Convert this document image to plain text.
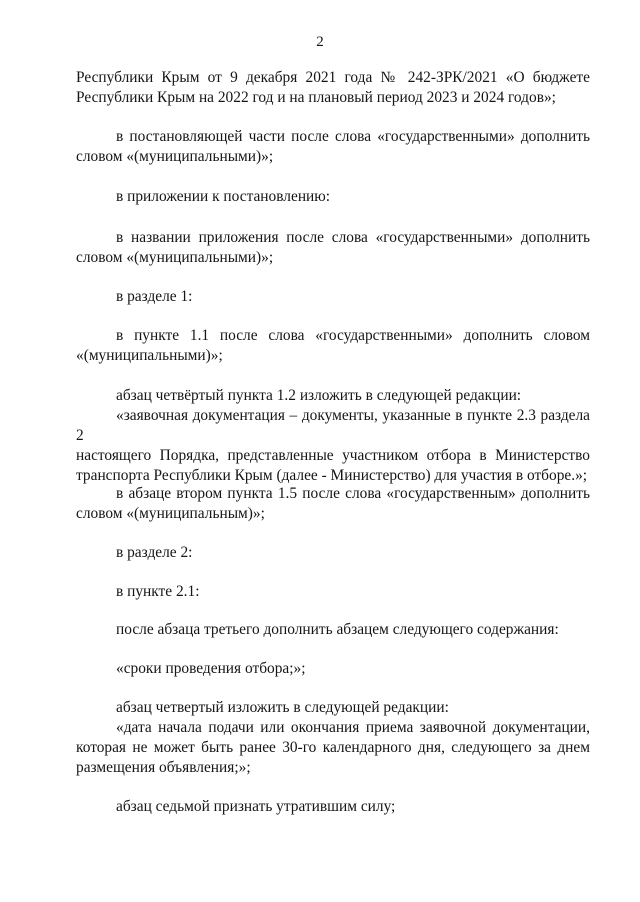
2
Республики Крым от 9 декабря 2021 года № 242-ЗРК/2021 «О бюджете
Республики Крым на 2022 год и на плановый период 2023 и 2024 годов»;
в постановляющей части после слова «государственными» дополнить
словом «(муниципальными)»;
в приложении к постановлению:
в названии приложения после слова «государственными» дополнить
словом «(муниципальными)»;
в разделе 1:
в пункте 1.1 после слова «государственными» дополнить словом
«(муниципальными)»;
абзац четвёртый пункта 1.2 изложить в следующей редакции:
«заявочная документация – документы, указанные в пункте 2.3 раздела 2
настоящего Порядка, представленные участником отбора в Министерство
транспорта Республики Крым (далее - Министерство) для участия в отборе.»;
в абзаце втором пункта 1.5 после слова «государственным» дополнить
словом «(муниципальным)»;
в разделе 2:
в пункте 2.1:
после абзаца третьего дополнить абзацем следующего содержания:
«сроки проведения отбора;»;
абзац четвертый изложить в следующей редакции:
«дата начала подачи или окончания приема заявочной документации,
которая не может быть ранее 30-го календарного дня, следующего за днем
размещения объявления;»;
абзац седьмой признать утратившим силу;
